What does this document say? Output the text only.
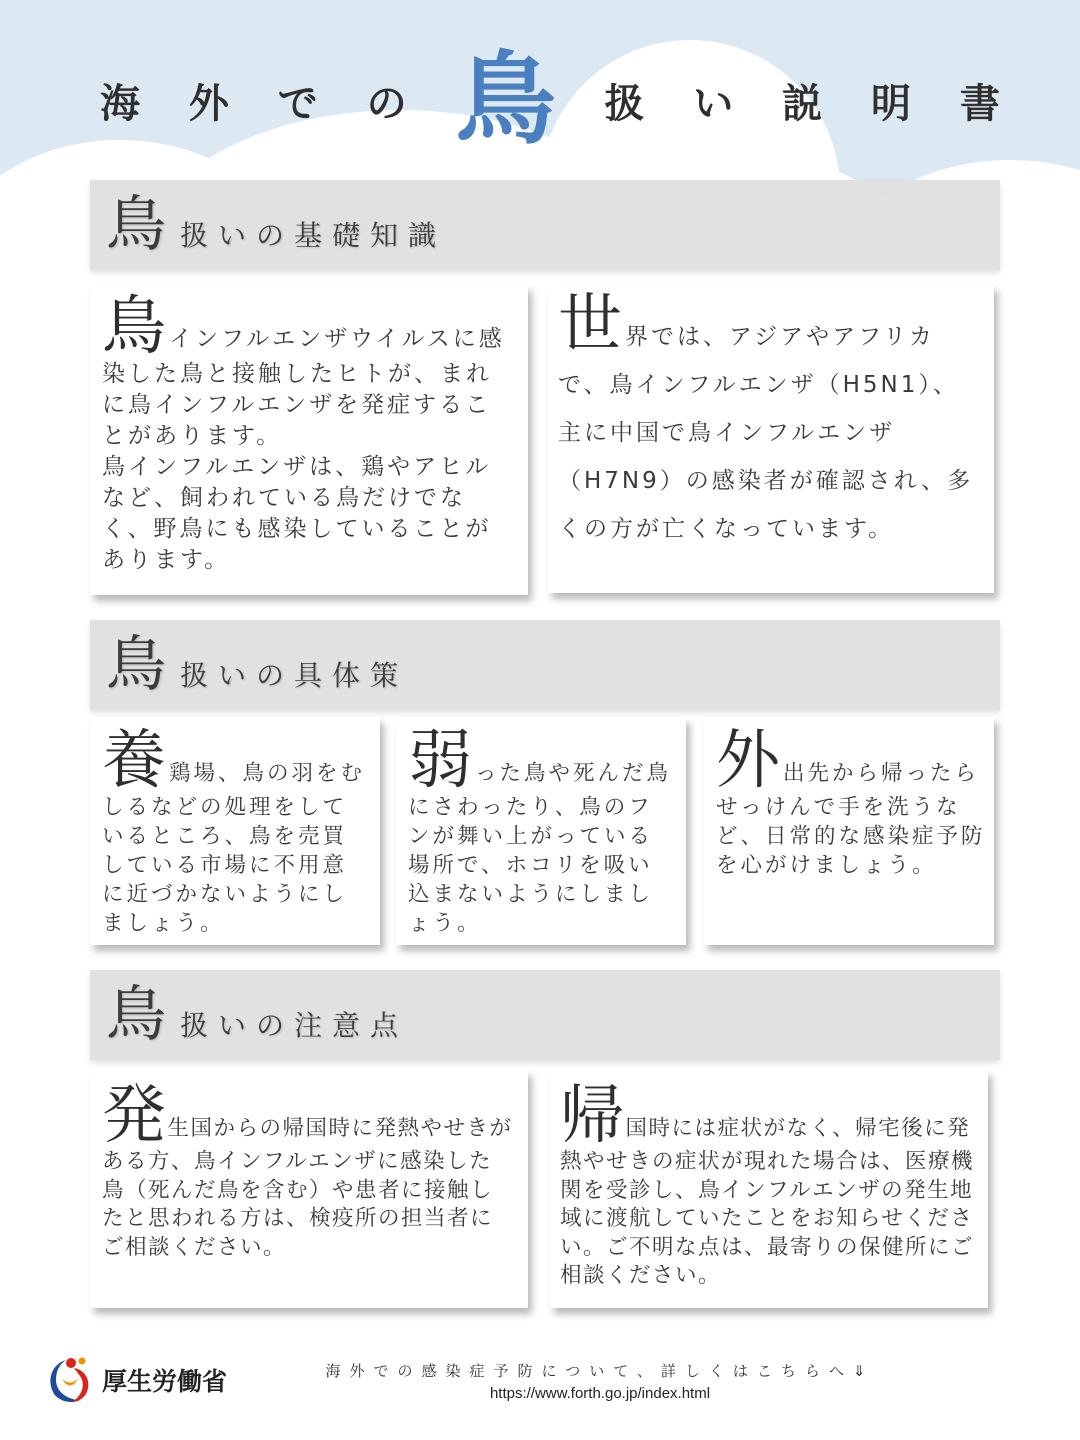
海 外 で の 鳥 扱 い 説 明 書
鳥 扱いの基礎知識

鳥インフルエンザウイルスに感染した鳥と接触したヒトが、まれに鳥インフルエンザを発症することがあります。

鳥インフルエンザは、鶏やアヒルなど、飼われている鳥だけでなく、野鳥にも感染していることがあります。

世界では、アジアやアフリカで、鳥インフルエンザ（H5N1）、主に中国で鳥インフルエンザ（H7N9）の感染者が確認され、多くの方が亡くなっています。

鳥 扱いの具体策

養鶏場、鳥の羽をむしるなどの処理をしているところ、鳥を売買している市場に不用意に近づかないようにしましょう。

弱った鳥や死んだ鳥にさわったり、鳥のフンが舞い上がっている場所で、ホコリを吸い込まないようにしましょう。

外出先から帰ったらせっけんで手を洗うなど、日常的な感染症予防を心がけましょう。

鳥 扱いの注意点

発生国からの帰国時に発熱やせきがある方、鳥インフルエンザに感染した鳥（死んだ鳥を含む）や患者に接触したと思われる方は、検疫所の担当者にご相談ください。

帰国時には症状がなく、帰宅後に発熱やせきの症状が現れた場合は、医療機関を受診し、鳥インフルエンザの発生地域に渡航していたことをお知らせください。ご不明な点は、最寄りの保健所にご相談ください。

厚生労働省	海外での感染症予防について、詳しくはこちらへ⇓
https://www.forth.go.jp/index.html
